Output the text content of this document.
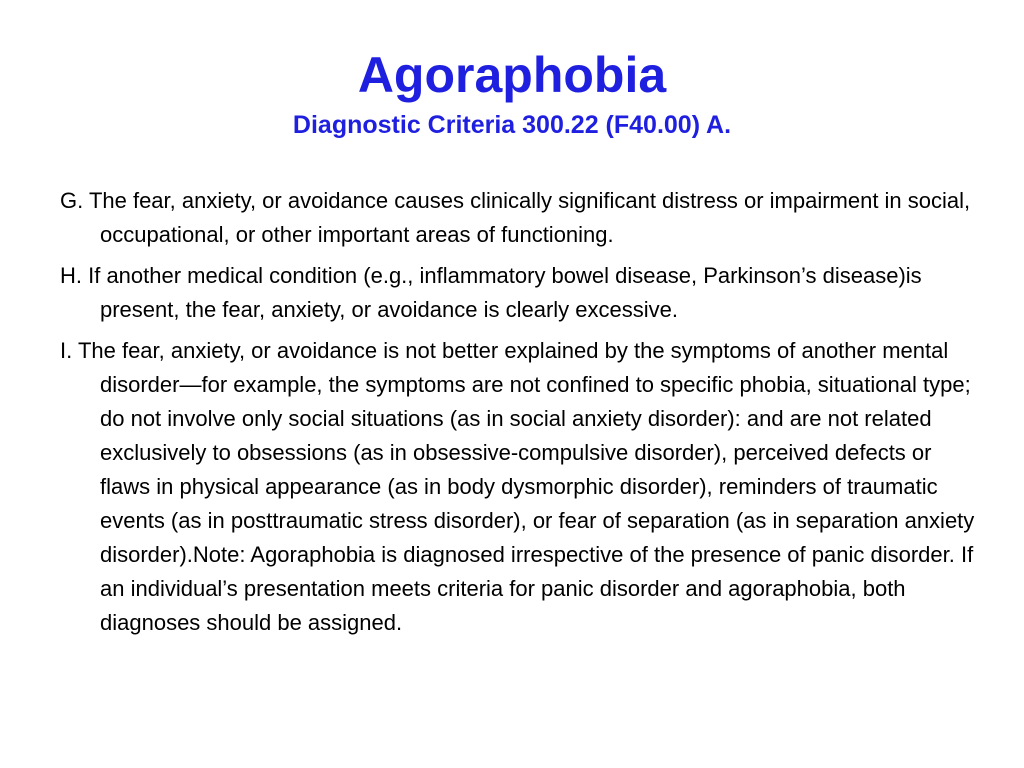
Agoraphobia
Diagnostic Criteria 300.22 (F40.00) A.
G. The fear, anxiety, or avoidance causes clinically significant distress or impairment in social, occupational, or other important areas of functioning.
H. If another medical condition (e.g., inflammatory bowel disease, Parkinson’s disease)is present, the fear, anxiety, or avoidance is clearly excessive.
I. The fear, anxiety, or avoidance is not better explained by the symptoms of another mental disorder—for example, the symptoms are not confined to specific phobia, situational type; do not involve only social situations (as in social anxiety disorder): and are not related exclusively to obsessions (as in obsessive-compulsive disorder), perceived defects or flaws in physical appearance (as in body dysmorphic disorder), reminders of traumatic events (as in posttraumatic stress disorder), or fear of separation (as in separation anxiety disorder).Note: Agoraphobia is diagnosed irrespective of the presence of panic disorder. If an individual’s presentation meets criteria for panic disorder and agoraphobia, both diagnoses should be assigned.
